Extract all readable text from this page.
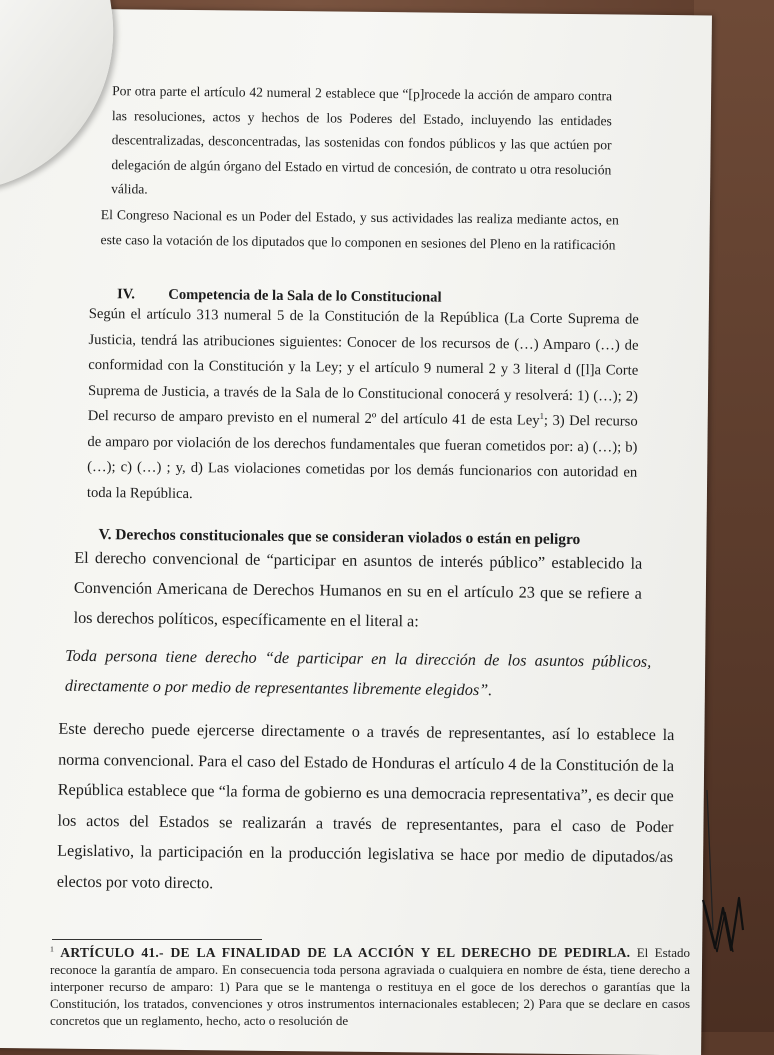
Por otra parte el artículo 42 numeral 2 establece que “[p]rocede la acción de amparo contra las resoluciones, actos y hechos de los Poderes del Estado, incluyendo las entidades descentralizadas, desconcentradas, las sostenidas con fondos públicos y las que actúen por delegación de algún órgano del Estado en virtud de concesión, de contrato u otra resolución válida.

El Congreso Nacional es un Poder del Estado, y sus actividades las realiza mediante actos, en este caso la votación de los diputados que lo componen en sesiones del Pleno en la ratificación

IV. Competencia de la Sala de lo Constitucional

Según el artículo 313 numeral 5 de la Constitución de la República (La Corte Suprema de Justicia, tendrá las atribuciones siguientes: Conocer de los recursos de (…) Amparo (…) de conformidad con la Constitución y la Ley; y el artículo 9 numeral 2 y 3 literal d ([l]a Corte Suprema de Justicia, a través de la Sala de lo Constitucional conocerá y resolverá: 1) (…); 2) Del recurso de amparo previsto en el numeral 2º del artículo 41 de esta Ley$^1$; 3) Del recurso de amparo por violación de los derechos fundamentales que fueran cometidos por: a) (…); b) (…); c) (…) ; y, d) Las violaciones cometidas por los demás funcionarios con autoridad en toda la República.

V. Derechos constitucionales que se consideran violados o están en peligro

El derecho convencional de “participar en asuntos de interés público” establecido la Convención Americana de Derechos Humanos en su en el artículo 23 que se refiere a los derechos políticos, específicamente en el literal a:

Toda persona tiene derecho “de participar en la dirección de los asuntos públicos, directamente o por medio de representantes libremente elegidos”.

Este derecho puede ejercerse directamente o a través de representantes, así lo establece la norma convencional. Para el caso del Estado de Honduras el artículo 4 de la Constitución de la República establece que “la forma de gobierno es una democracia representativa”, es decir que los actos del Estados se realizarán a través de representantes, para el caso de Poder Legislativo, la participación en la producción legislativa se hace por medio de diputados/as electos por voto directo.

$^1$ ARTÍCULO 41.- DE LA FINALIDAD DE LA ACCIÓN Y EL DERECHO DE PEDIRLA. El Estado reconoce la garantía de amparo. En consecuencia toda persona agraviada o cualquiera en nombre de ésta, tiene derecho a interponer recurso de amparo: 1) Para que se le mantenga o restituya en el goce de los derechos o garantías que la Constitución, los tratados, convenciones y otros instrumentos internacionales establecen; 2) Para que se declare en casos concretos que un reglamento, hecho, acto o resolución de
